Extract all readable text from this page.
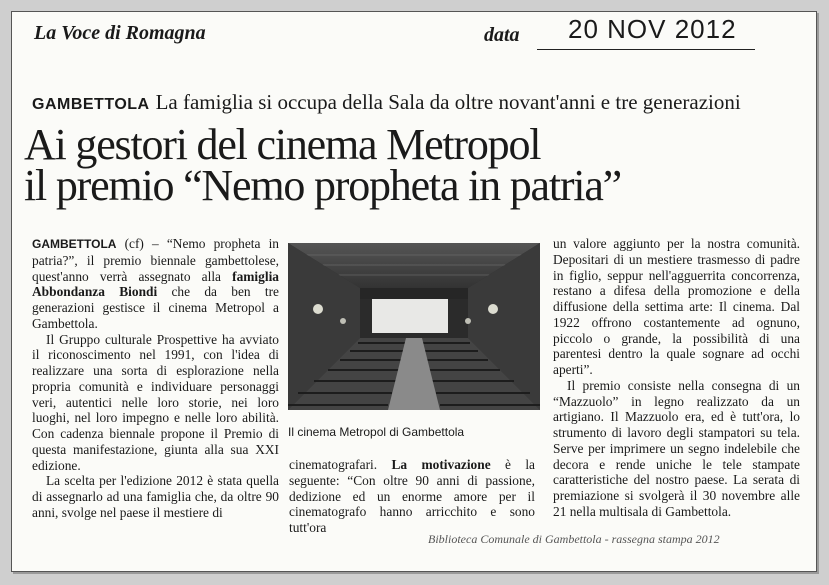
La Voce di Romagna	data 20 NOV 2012
GAMBETTOLA La famiglia si occupa della Sala da oltre novant'anni e tre generazioni
Ai gestori del cinema Metropol
il premio “Nemo propheta in patria”

GAMBETTOLA (cf) – “Nemo propheta in patria?”, il premio biennale gambettolese, quest'anno verrà assegnato alla famiglia Abbondanza Biondi che da ben tre generazioni gestisce il cinema Metropol a Gambettola.

Il Gruppo culturale Prospettive ha avviato il riconoscimento nel 1991, con l'idea di realizzare una sorta di esplorazione nella propria comunità e individuare personaggi veri, autentici nelle loro storie, nei loro luoghi, nel loro impegno e nelle loro abilità. Con cadenza biennale propone il Premio di questa manifestazione, giunta alla sua XXI edizione.

La scelta per l'edizione 2012 è stata quella di assegnarlo ad una famiglia che, da oltre 90 anni, svolge nel paese il mestiere di

Il cinema Metropol di Gambettola

cinematografari. La motivazione è la seguente: “Con oltre 90 anni di passione, dedizione ed un enorme amore per il cinematografo hanno arricchito e sono tutt'ora

un valore aggiunto per la nostra comunità. Depositari di un mestiere trasmesso di padre in figlio, seppur nell'agguerrita concorrenza, restano a difesa della promozione e della diffusione della settima arte: Il cinema. Dal 1922 offrono costantemente ad ognuno, piccolo o grande, la possibilità di una parentesi dentro la quale sognare ad occhi aperti”.

Il premio consiste nella consegna di un “Mazzuolo” in legno realizzato da un artigiano. Il Mazzuolo era, ed è tutt'ora, lo strumento di lavoro degli stampatori su tela. Serve per imprimere un segno indelebile che decora e rende uniche le tele stampate caratteristiche del nostro paese. La serata di premiazione si svolgerà il 30 novembre alle 21 nella multisala di Gambettola.

Biblioteca Comunale di Gambettola - rassegna stampa 2012
